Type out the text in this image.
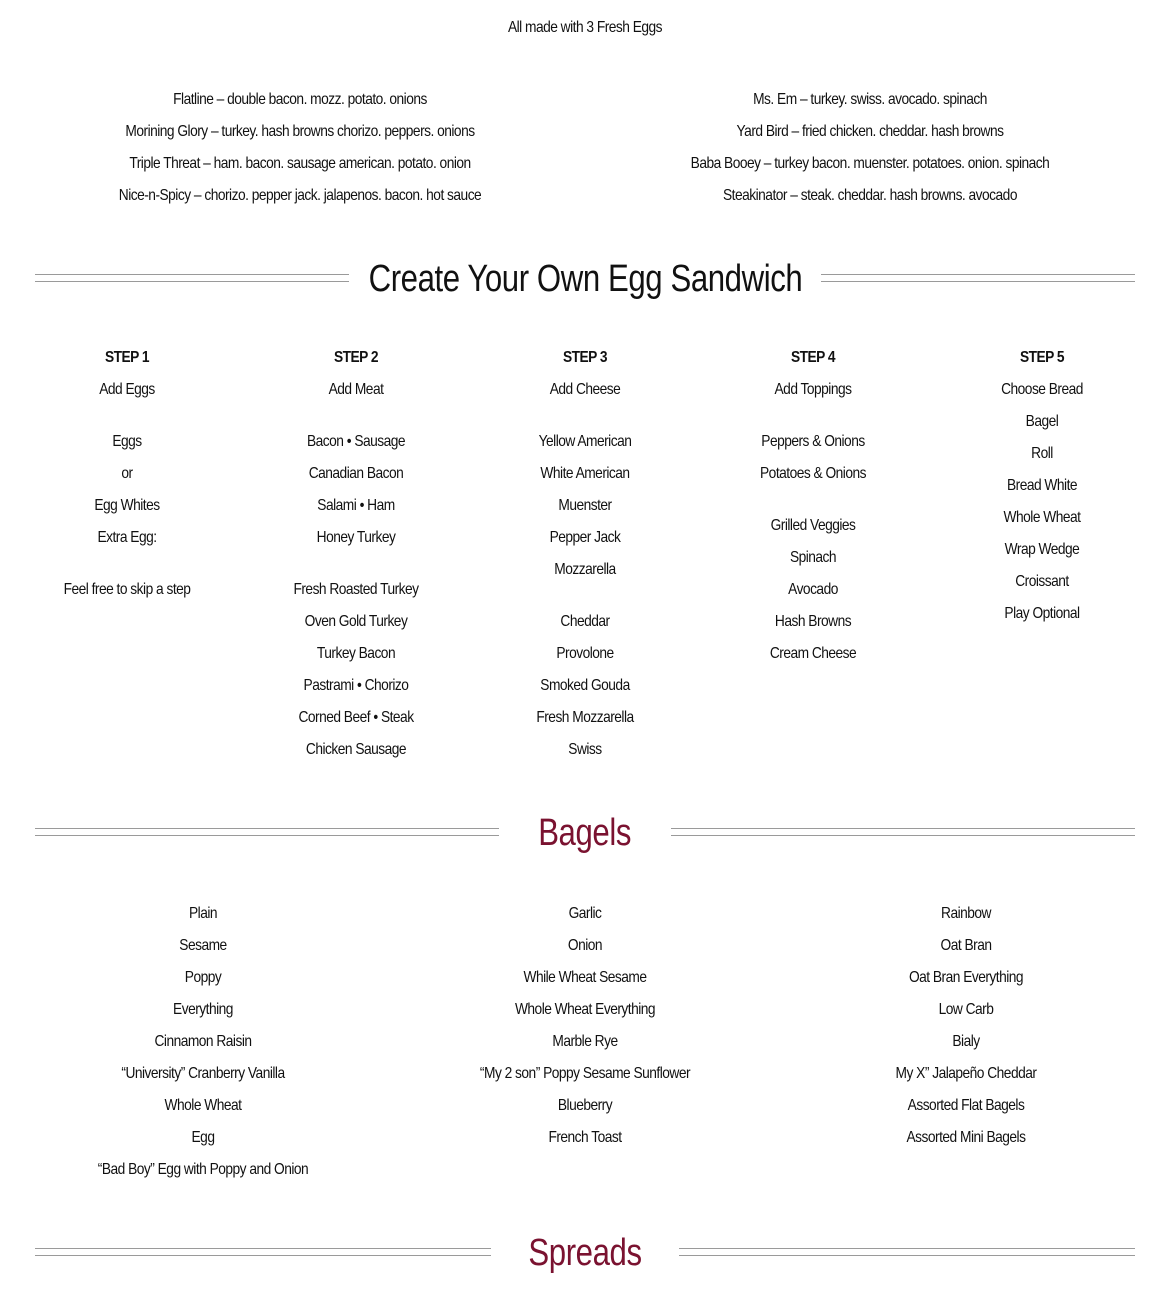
All made with 3 Fresh Eggs
Flatline – double bacon. mozz. potato. onions
Morining Glory – turkey. hash browns chorizo. peppers. onions
Triple Threat – ham. bacon. sausage american. potato. onion
Nice-n-Spicy – chorizo. pepper jack. jalapenos. bacon. hot sauce
Ms. Em – turkey. swiss. avocado. spinach
Yard Bird – fried chicken. cheddar. hash browns
Baba Booey – turkey bacon. muenster. potatoes. onion. spinach
Steakinator – steak. cheddar. hash browns. avocado
Create Your Own Egg Sandwich
STEP 1
Add Eggs
Eggs
or
Egg Whites
Extra Egg:
Feel free to skip a step
STEP 2
Add Meat
Bacon • Sausage
Canadian Bacon
Salami • Ham
Honey Turkey
Fresh Roasted Turkey
Oven Gold Turkey
Turkey Bacon
Pastrami • Chorizo
Corned Beef • Steak
Chicken Sausage
STEP 3
Add Cheese
Yellow American
White American
Muenster
Pepper Jack
Mozzarella
Cheddar
Provolone
Smoked Gouda
Fresh Mozzarella
Swiss
STEP 4
Add Toppings
Peppers & Onions
Potatoes & Onions
Grilled Veggies
Spinach
Avocado
Hash Browns
Cream Cheese
STEP 5
Choose Bread
Bagel
Roll
Bread White
Whole Wheat
Wrap Wedge
Croissant
Play Optional
Bagels
Plain
Sesame
Poppy
Everything
Cinnamon Raisin
“University” Cranberry Vanilla
Whole Wheat
Egg
“Bad Boy” Egg with Poppy and Onion
Garlic
Onion
While Wheat Sesame
Whole Wheat Everything
Marble Rye
“My 2 son” Poppy Sesame Sunflower
Blueberry
French Toast
Rainbow
Oat Bran
Oat Bran Everything
Low Carb
Bialy
My X” Jalapeño Cheddar
Assorted Flat Bagels
Assorted Mini Bagels
Spreads
